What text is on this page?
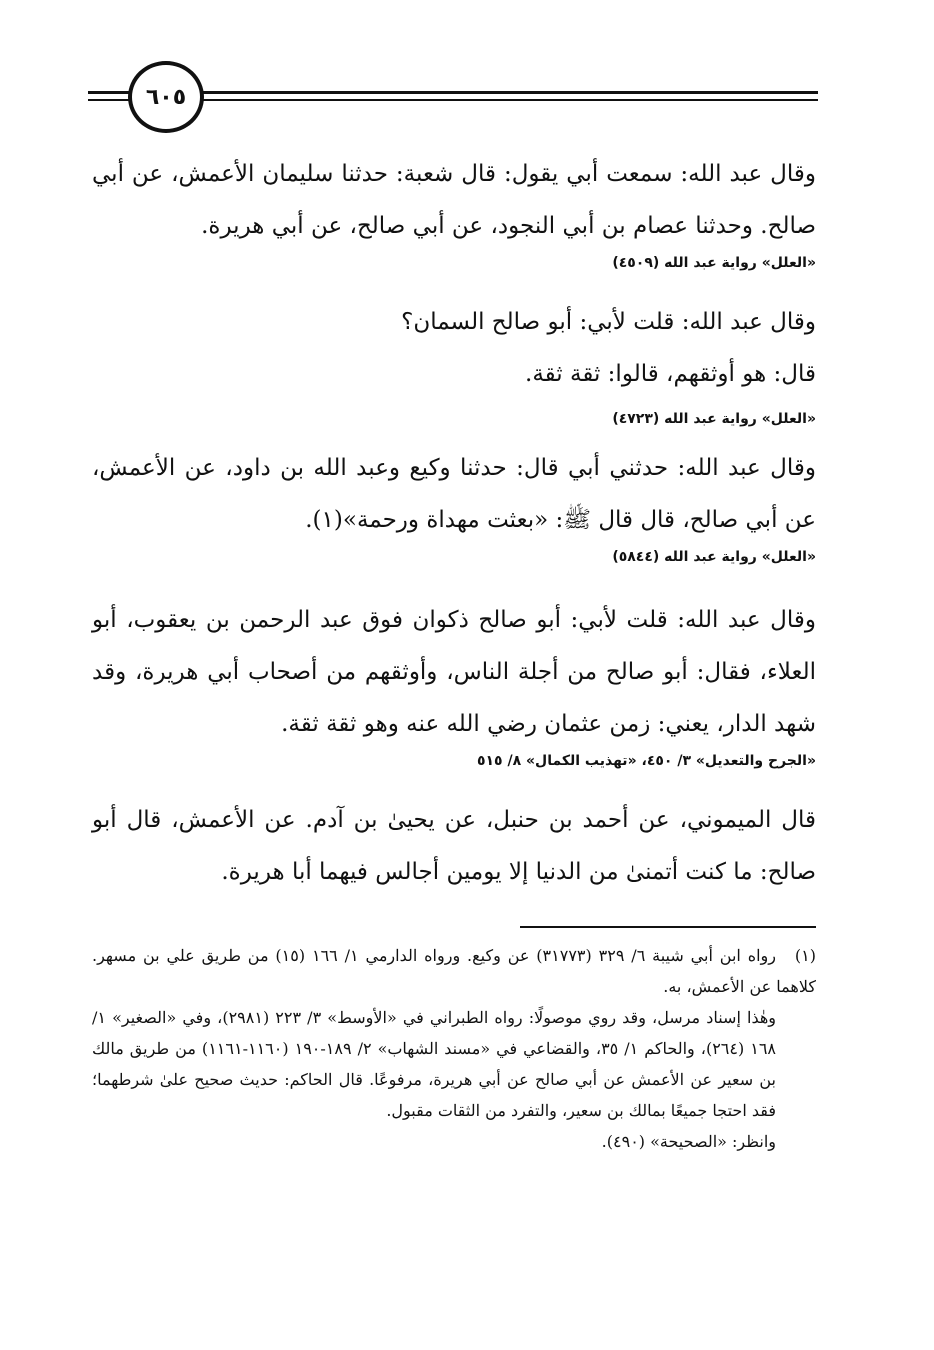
٦٠٥

وقال عبد الله: سمعت أبي يقول: قال شعبة: حدثنا سليمان الأعمش، عن أبي صالح. وحدثنا عصام بن أبي النجود، عن أبي صالح، عن أبي هريرة.

«العلل» رواية عبد الله (٤٥٠٩)

وقال عبد الله: قلت لأبي: أبو صالح السمان؟

قال: هو أوثقهم، قالوا: ثقة ثقة.

«العلل» رواية عبد الله (٤٧٢٣)

وقال عبد الله: حدثني أبي قال: حدثنا وكيع وعبد الله بن داود، عن الأعمش، عن أبي صالح، قال قال ﷺ: «بعثت مهداة ورحمة»(١).

«العلل» رواية عبد الله (٥٨٤٤)

وقال عبد الله: قلت لأبي: أبو صالح ذكوان فوق عبد الرحمن بن يعقوب، أبو العلاء، فقال: أبو صالح من أجلة الناس، وأوثقهم من أصحاب أبي هريرة، وقد شهد الدار، يعني: زمن عثمان رضي الله عنه وهو ثقة ثقة.

«الجرح والتعديل» ٣/ ٤٥٠، «تهذيب الكمال» ٨/ ٥١٥

قال الميموني، عن أحمد بن حنبل، عن يحيىٰ بن آدم. عن الأعمش، قال أبو صالح: ما كنت أتمنىٰ من الدنيا إلا يومين أجالس فيهما أبا هريرة.

(١)رواه ابن أبي شيبة ٦/ ٣٢٩ (٣١٧٧٣) عن وكيع. ورواه الدارمي ١/ ١٦٦ (١٥) من طريق علي بن مسهر. كلاهما عن الأعمش، به.

وهٰذا إسناد مرسل، وقد روي موصولًا: رواه الطبراني في «الأوسط» ٣/ ٢٢٣ (٢٩٨١)، وفي «الصغير» ١/ ١٦٨ (٢٦٤)، والحاكم ١/ ٣٥، والقضاعي في «مسند الشهاب» ٢/ ١٨٩-١٩٠ (١١٦٠-١١٦١) من طريق مالك بن سعير عن الأعمش عن أبي صالح عن أبي هريرة، مرفوعًا. قال الحاكم: حديث صحيح علىٰ شرطهما؛ فقد احتجا جميعًا بمالك بن سعير، والتفرد من الثقات مقبول.

وانظر: «الصحيحة» (٤٩٠).
